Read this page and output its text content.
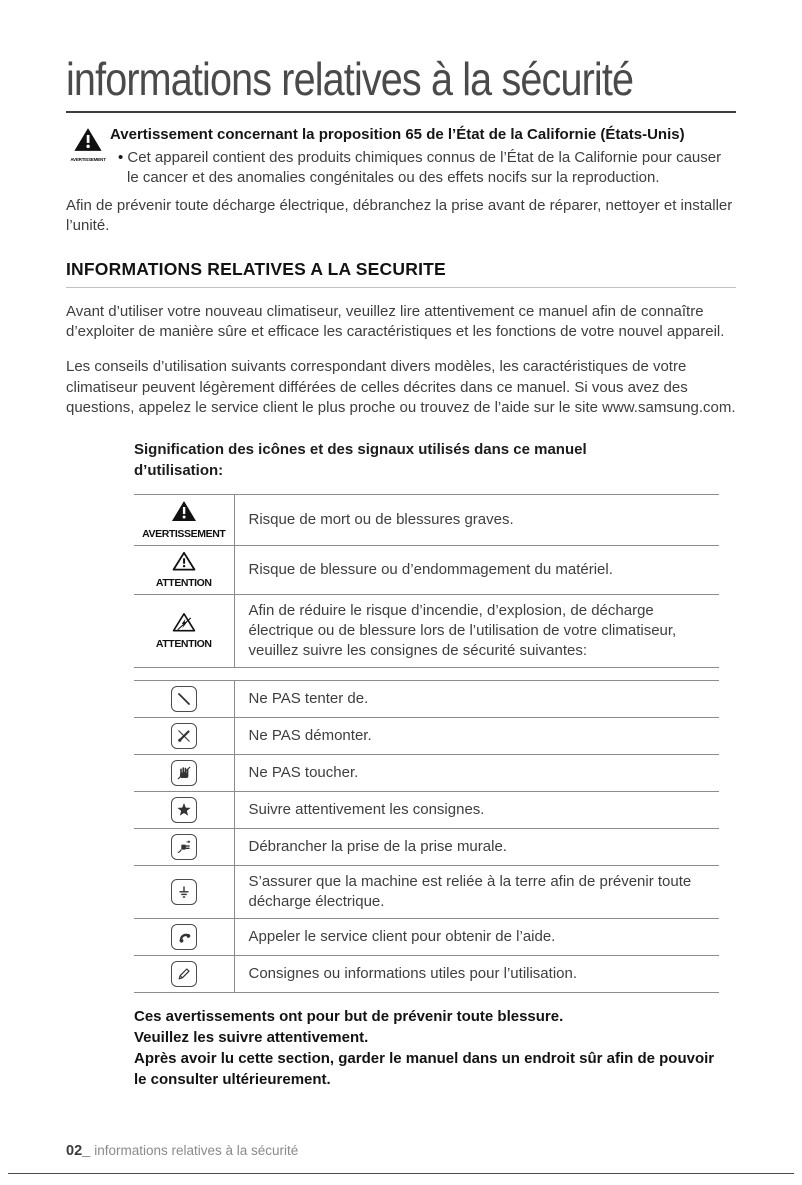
informations relatives à la sécurité
AVERTISSEMENT
Avertissement concernant la proposition 65 de l’État de la Californie (États-Unis)

• Cet appareil contient des produits chimiques connus de l’État de la Californie pour causer le cancer et des anomalies congénitales ou des effets nocifs sur la reproduction.

Afin de prévenir toute décharge électrique, débranchez la prise avant de réparer, nettoyer et installer l’unité.

INFORMATIONS RELATIVES A LA SECURITE

Avant d’utiliser votre nouveau climatiseur, veuillez lire attentivement ce manuel afin de connaître d’exploiter de manière sûre et efficace les caractéristiques et les fonctions de votre nouvel appareil.

Les conseils d’utilisation suivants correspondant divers modèles, les caractéristiques de votre climatiseur peuvent légèrement différées de celles décrites dans ce manuel. Si vous avez des questions, appelez le service client le plus proche ou trouvez de l’aide sur le site www.samsung.com.

Signification des icônes et des signaux utilisés dans ce manuel d’utilisation:
AVERTISSEMENT	Risque de mort ou de blessures graves.

ATTENTION	Risque de blessure ou d’endommagement du matériel.

ATTENTION	Afin de réduire le risque d’incendie, d’explosion, de décharge électrique ou de blessure lors de l’utilisation de votre climatiseur, veuillez suivre les consignes de sécurité suivantes:
	Ne PAS tenter de.

	Ne PAS démonter.

	Ne PAS toucher.

	Suivre attentivement les consignes.

	Débrancher la prise de la prise murale.

	S’assurer que la machine est reliée à la terre afin de prévenir toute décharge électrique.

	Appeler le service client pour obtenir de l’aide.

	Consignes ou informations utiles pour l’utilisation.

Ces avertissements ont pour but de prévenir toute blessure.

Veuillez les suivre attentivement.

Après avoir lu cette section, garder le manuel dans un endroit sûr afin de pouvoir le consulter ultérieurement.

02_ informations relatives à la sécurité
